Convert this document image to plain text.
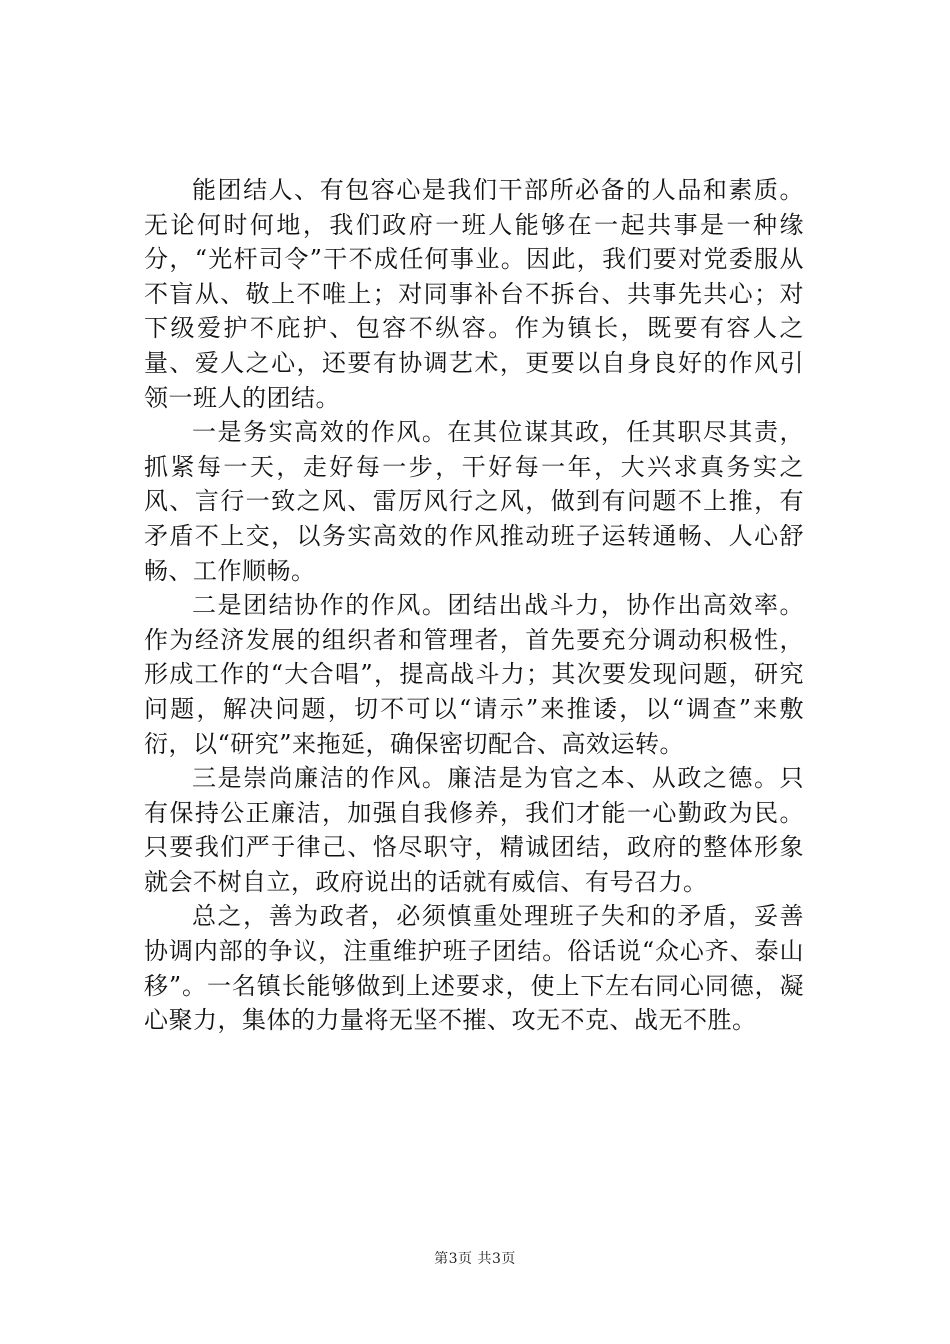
能团结人、有包容心是我们干部所必备的人品和素质。无论何时何地，我们政府一班人能够在一起共事是一种缘分，“光杆司令”干不成任何事业。因此，我们要对党委服从不盲从、敬上不唯上；对同事补台不拆台、共事先共心；对下级爱护不庇护、包容不纵容。作为镇长，既要有容人之量、爱人之心，还要有协调艺术，更要以自身良好的作风引领一班人的团结。

一是务实高效的作风。在其位谋其政，任其职尽其责，抓紧每一天，走好每一步，干好每一年，大兴求真务实之风、言行一致之风、雷厉风行之风，做到有问题不上推，有矛盾不上交，以务实高效的作风推动班子运转通畅、人心舒畅、工作顺畅。

二是团结协作的作风。团结出战斗力，协作出高效率。作为经济发展的组织者和管理者，首先要充分调动积极性，形成工作的“大合唱”，提高战斗力；其次要发现问题，研究问题，解决问题，切不可以“请示”来推诿，以“调查”来敷衍，以“研究”来拖延，确保密切配合、高效运转。

三是崇尚廉洁的作风。廉洁是为官之本、从政之德。只有保持公正廉洁，加强自我修养，我们才能一心勤政为民。只要我们严于律己、恪尽职守，精诚团结，政府的整体形象就会不树自立，政府说出的话就有威信、有号召力。

总之，善为政者，必须慎重处理班子失和的矛盾，妥善协调内部的争议，注重维护班子团结。俗话说“众心齐、泰山移”。一名镇长能够做到上述要求，使上下左右同心同德，凝心聚力，集体的力量将无坚不摧、攻无不克、战无不胜。

第3页 共3页
